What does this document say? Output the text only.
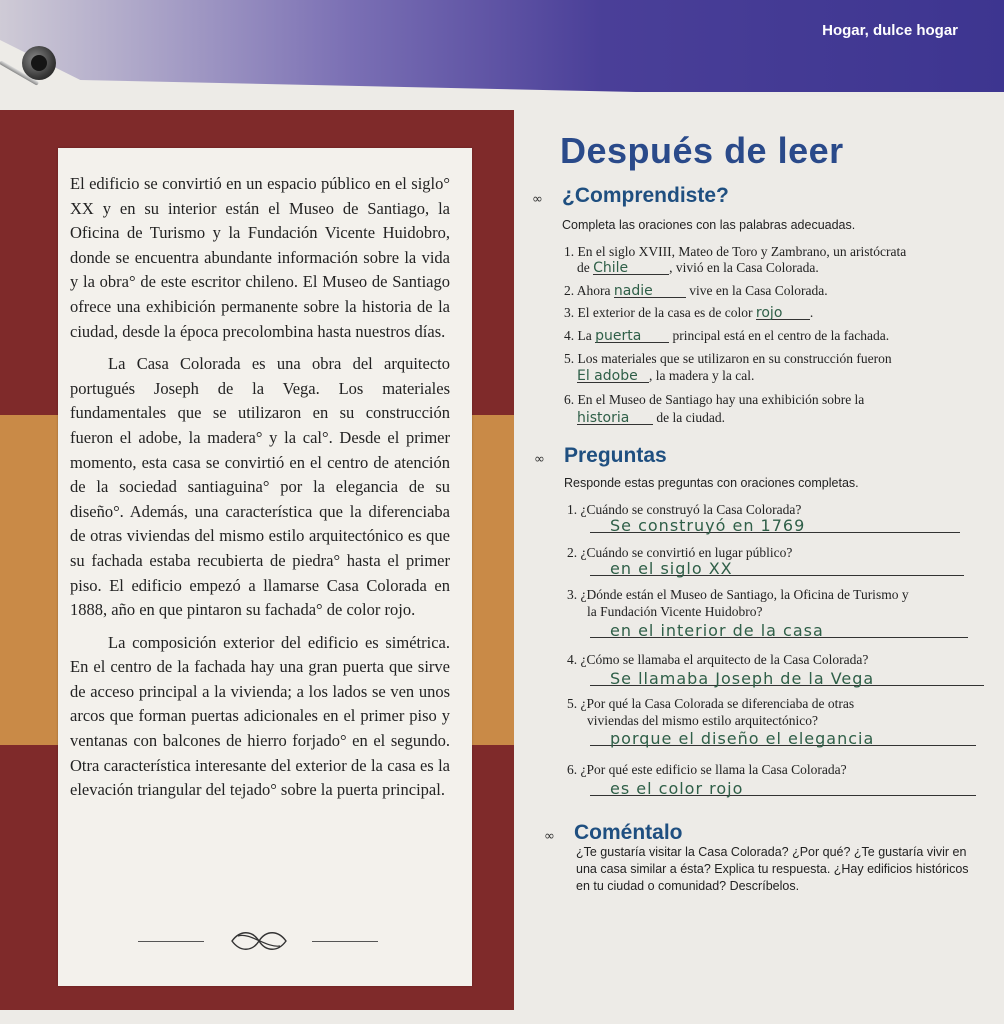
Hogar, dulce hogar

El edificio se convirtió en un espacio público en el siglo° XX y en su interior están el Museo de Santiago, la Oficina de Turismo y la Fundación Vicente Huidobro, donde se encuentra abundante información sobre la vida y la obra° de este escritor chileno. El Museo de Santiago ofrece una exhibición permanente sobre la historia de la ciudad, desde la época precolombina hasta nuestros días.

La Casa Colorada es una obra del arquitecto portugués Joseph de la Vega. Los materiales fundamentales que se utilizaron en su construcción fueron el adobe, la madera° y la cal°. Desde el primer momento, esta casa se convirtió en el centro de atención de la sociedad santiaguina° por la elegancia de su diseño°. Además, una característica que la diferenciaba de otras viviendas del mismo estilo arquitectónico es que su fachada estaba recubierta de piedra° hasta el primer piso. El edificio empezó a llamarse Casa Colorada en 1888, año en que pintaron su fachada° de color rojo.

La composición exterior del edificio es simétrica. En el centro de la fachada hay una gran puerta que sirve de acceso principal a la vivienda; a los lados se ven unos arcos que forman puertas adicionales en el primer piso y ventanas con balcones de hierro forjado° en el segundo. Otra característica interesante del exterior de la casa es la elevación triangular del tejado° sobre la puerta principal.

Después de leer
∞ ¿Comprendiste?
Completa las oraciones con las palabras adecuadas.
1. En el siglo XVIII, Mateo de Toro y Zambrano, un aristócrata
de Chile	, vivió en la Casa Colorada.
2. Ahora nadie vive en la Casa Colorada.
3. El exterior de la casa es de color rojo .
4. La puerta principal está en el centro de la fachada.
5. Los materiales que se utilizaron en su construcción fueron
El adobe , la madera y la cal.
6. En el Museo de Santiago hay una exhibición sobre la
historia de la ciudad.
∞ Preguntas
Responde estas preguntas con oraciones completas.
1. ¿Cuándo se construyó la Casa Colorada?
Se construyó en 1769
2. ¿Cuándo se convirtió en lugar público?
en el siglo XX
3. ¿Dónde están el Museo de Santiago, la Oficina de Turismo y
la Fundación Vicente Huidobro?
en el interior de la casa
4. ¿Cómo se llamaba el arquitecto de la Casa Colorada?
Se llamaba Joseph de la Vega
5. ¿Por qué la Casa Colorada se diferenciaba de otras
viviendas del mismo estilo arquitectónico?
porque el diseño el elegancia
6. ¿Por qué este edificio se llama la Casa Colorada?
es el color rojo
∞ Coméntalo
¿Te gustaría visitar la Casa Colorada? ¿Por qué? ¿Te gustaría vivir en una casa similar a ésta? Explica tu respuesta. ¿Hay edificios históricos en tu ciudad o comunidad? Descríbelos.
